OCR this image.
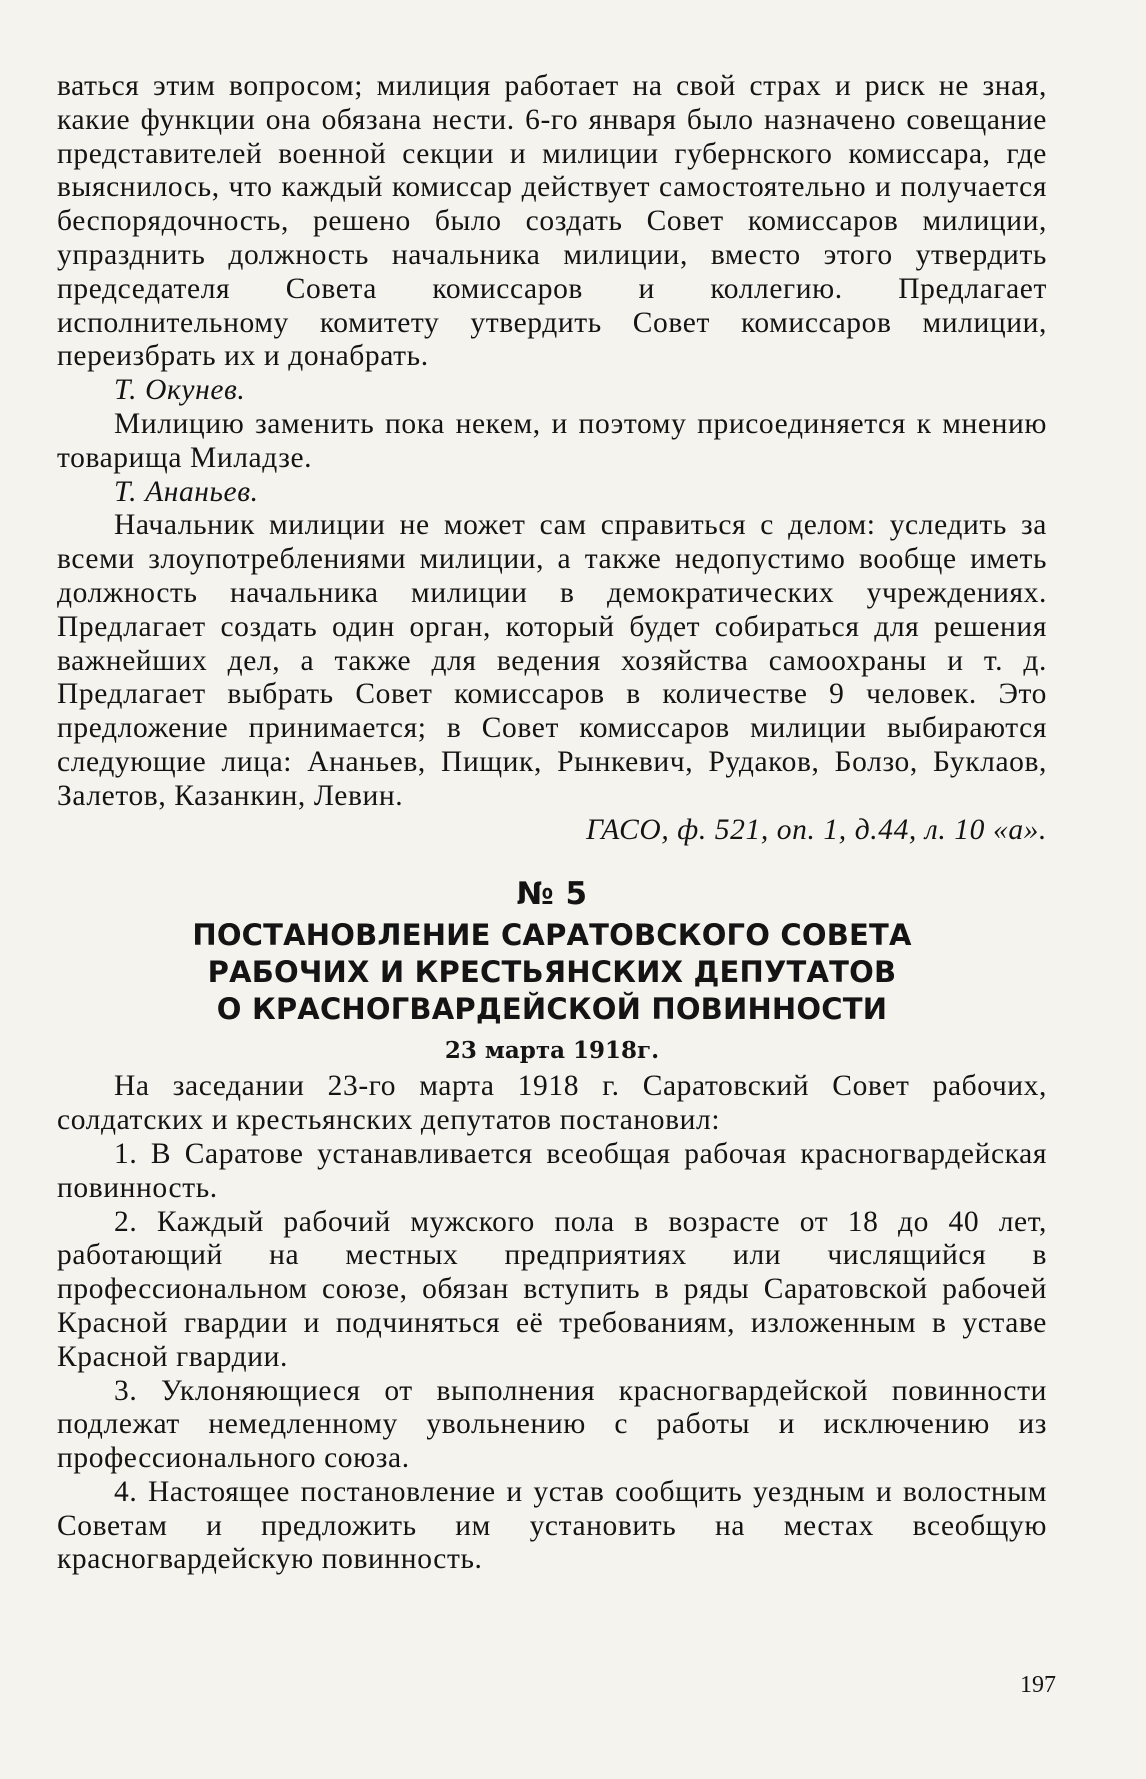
ваться этим вопросом; милиция работает на свой страх и риск не зная, какие функции она обязана нести. 6-го января было назначено совещание представителей военной секции и милиции губернского комиссара, где выяснилось, что каждый комиссар действует самостоятельно и получается беспорядочность, решено было создать Совет комиссаров милиции, упразднить должность начальника милиции, вместо этого утвердить председателя Совета комиссаров и коллегию. Предлагает исполнительному комитету утвердить Совет комиссаров милиции, переизбрать их и донабрать.

Т. Окунев.

Милицию заменить пока некем, и поэтому присоединяется к мнению товарища Миладзе.

Т. Ананьев.

Начальник милиции не может сам справиться с делом: уследить за всеми злоупотреблениями милиции, а также недопустимо вообще иметь должность начальника милиции в демократических учреждениях. Предлагает создать один орган, который будет собираться для решения важнейших дел, а также для ведения хозяйства самоохраны и т. д. Предлагает выбрать Совет комиссаров в количестве 9 человек. Это предложение принимается; в Совет комиссаров милиции выбираются следующие лица: Ананьев, Пищик, Рынкевич, Рудаков, Болзо, Буклаов, Залетов, Казанкин, Левин.

ГАСО, ф. 521, оп. 1, д.44, л. 10 «а».

№ 5
ПОСТАНОВЛЕНИЕ САРАТОВСКОГО СОВЕТА
РАБОЧИХ И КРЕСТЬЯНСКИХ ДЕПУТАТОВ
О КРАСНОГВАРДЕЙСКОЙ ПОВИННОСТИ
23 марта 1918г.

На заседании 23-го марта 1918 г. Саратовский Совет рабочих, солдатских и крестьянских депутатов постановил:

1. В Саратове устанавливается всеобщая рабочая красногвардейская повинность.

2. Каждый рабочий мужского пола в возрасте от 18 до 40 лет, работающий на местных предприятиях или числящийся в профессиональном союзе, обязан вступить в ряды Саратовской рабочей Красной гвардии и подчиняться её требованиям, изложенным в уставе Красной гвардии.

3. Уклоняющиеся от выполнения красногвардейской повинности подлежат немедленному увольнению с работы и исключению из профессионального союза.

4. Настоящее постановление и устав сообщить уездным и волостным Советам и предложить им установить на местах всеобщую красногвардейскую повинность.

197
